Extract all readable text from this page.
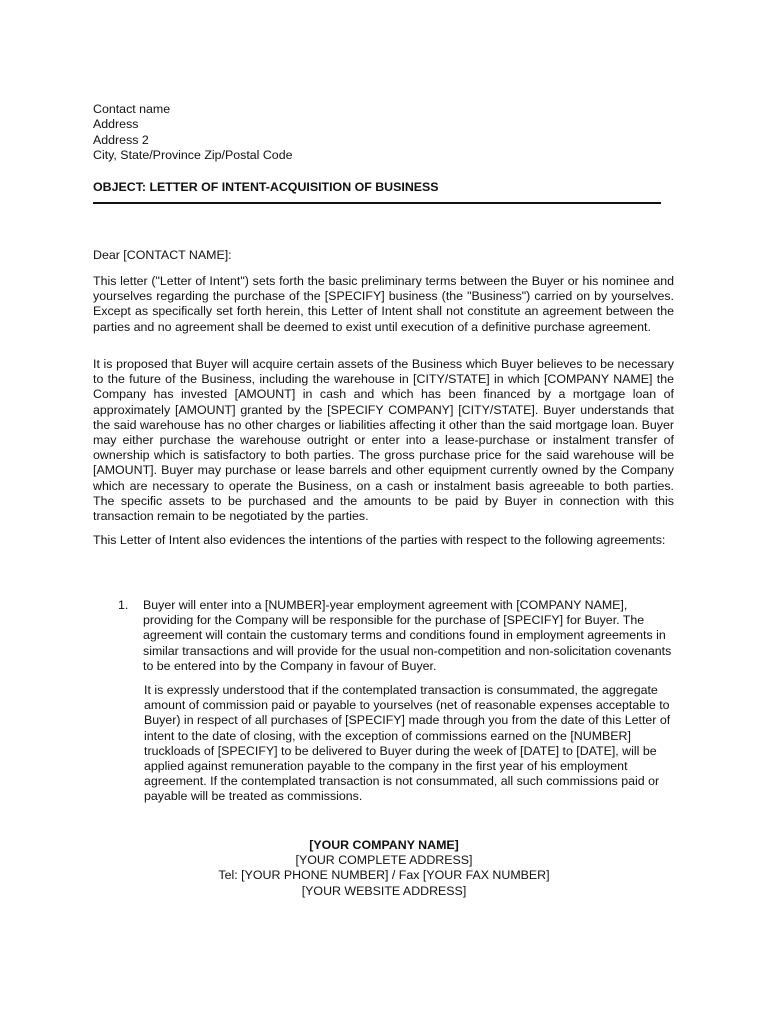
Contact name
Address
Address 2
City, State/Province Zip/Postal Code
OBJECT: LETTER OF INTENT-ACQUISITION OF BUSINESS
Dear [CONTACT NAME]:
This letter ("Letter of Intent") sets forth the basic preliminary terms between the Buyer or his nominee and yourselves regarding the purchase of the [SPECIFY] business (the "Business") carried on by yourselves. Except as specifically set forth herein, this Letter of Intent shall not constitute an agreement between the parties and no agreement shall be deemed to exist until execution of a definitive purchase agreement.
It is proposed that Buyer will acquire certain assets of the Business which Buyer believes to be necessary to the future of the Business, including the warehouse in [CITY/STATE] in which [COMPANY NAME] the Company has invested [AMOUNT] in cash and which has been financed by a mortgage loan of approximately [AMOUNT] granted by the [SPECIFY COMPANY] [CITY/STATE]. Buyer understands that the said warehouse has no other charges or liabilities affecting it other than the said mortgage loan. Buyer may either purchase the warehouse outright or enter into a lease-purchase or instalment transfer of ownership which is satisfactory to both parties. The gross purchase price for the said warehouse will be [AMOUNT]. Buyer may purchase or lease barrels and other equipment currently owned by the Company which are necessary to operate the Business, on a cash or instalment basis agreeable to both parties. The specific assets to be purchased and the amounts to be paid by Buyer in connection with this transaction remain to be negotiated by the parties.
This Letter of Intent also evidences the intentions of the parties with respect to the following agreements:
1.	Buyer will enter into a [NUMBER]-year employment agreement with [COMPANY NAME], providing for the Company will be responsible for the purchase of [SPECIFY] for Buyer. The agreement will contain the customary terms and conditions found in employment agreements in similar transactions and will provide for the usual non-competition and non-solicitation covenants to be entered into by the Company in favour of Buyer.
It is expressly understood that if the contemplated transaction is consummated, the aggregate amount of commission paid or payable to yourselves (net of reasonable expenses acceptable to Buyer) in respect of all purchases of [SPECIFY] made through you from the date of this Letter of intent to the date of closing, with the exception of commissions earned on the [NUMBER] truckloads of [SPECIFY] to be delivered to Buyer during the week of [DATE] to [DATE], will be applied against remuneration payable to the company in the first year of his employment agreement. If the contemplated transaction is not consummated, all such commissions paid or payable will be treated as commissions.
[YOUR COMPANY NAME]
[YOUR COMPLETE ADDRESS]
Tel: [YOUR PHONE NUMBER] / Fax [YOUR FAX NUMBER]
[YOUR WEBSITE ADDRESS]
